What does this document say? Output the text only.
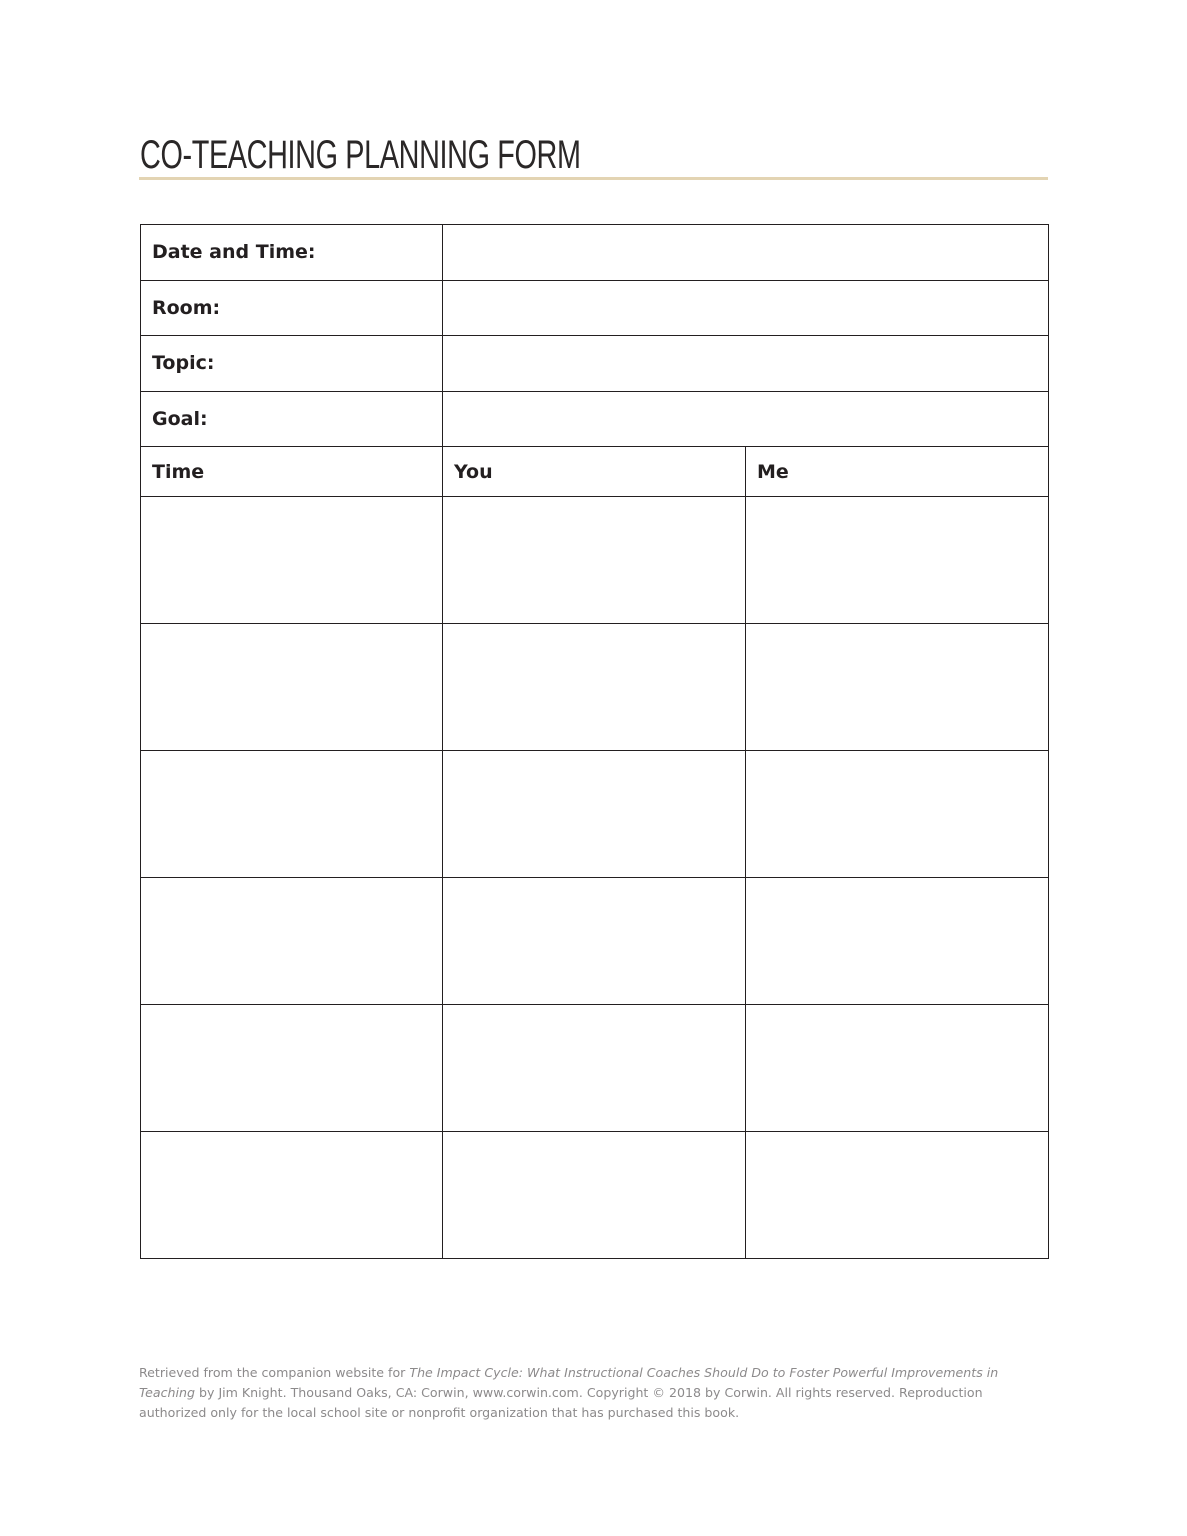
CO-TEACHING PLANNING FORM
Date and Time:		
Room:		
Topic:		
Goal:		
Time	You	Me

Retrieved from the companion website for The Impact Cycle: What Instructional Coaches Should Do to Foster Powerful Improvements in Teaching by Jim Knight. Thousand Oaks, CA: Corwin, www.corwin.com. Copyright © 2018 by Corwin. All rights reserved. Reproduction authorized only for the local school site or nonprofit organization that has purchased this book.
